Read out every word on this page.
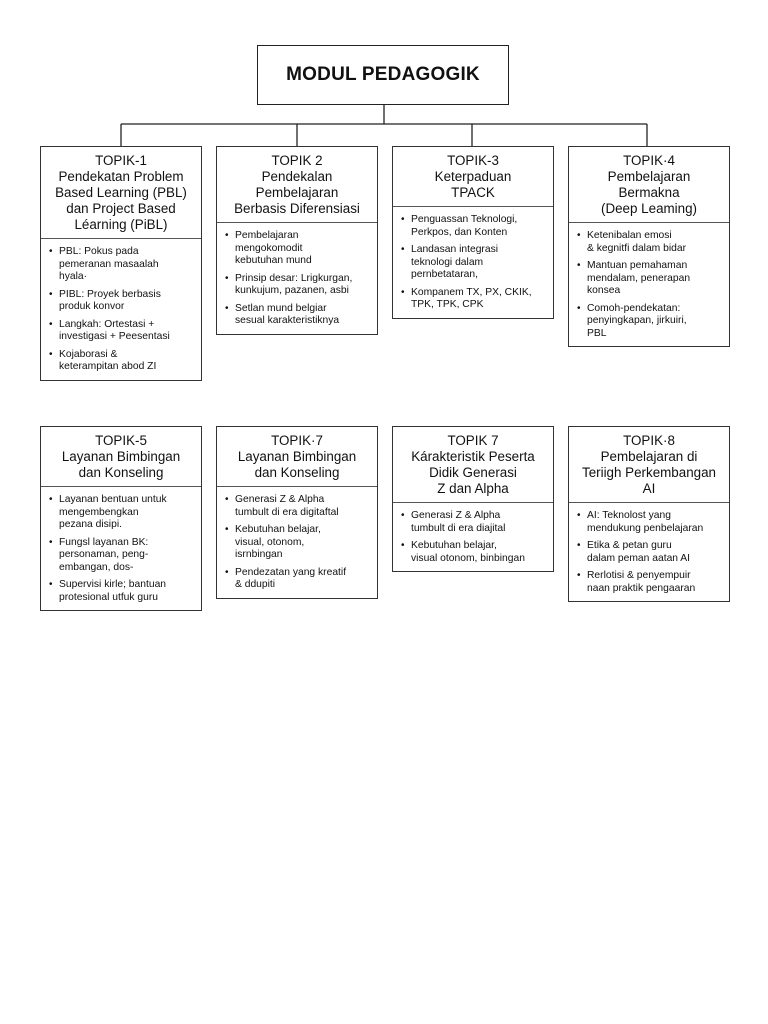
MODUL PEDAGOGIK
TOPIK-1
Pendekatan Problem
Based Learning (PBL)
dan Project Based
Léarning (PiBL)
• PBL: Pokus pada
pemeranan masaalah
hyala·
• PIBL: Proyek berbasis
produk konvor
• Langkah: Ortestasi +
investigasi + Peesentasi
• Kojaborasi &
keterampitan abod ZI
TOPIK 2
Pendekalan
Pembelajaran
Berbasis Diferensiasi
• Pembelajaran
mengokomodit
kebutuhan mund
• Prinsip desar: Lrigkurgan,
kunkujum, pazanen, asbi
• Setlan mund belgiar
sesual karakteristiknya
TOPIK-3
Keterpaduan
TPACK
• Penguassan Teknologi,
Perkpos, dan Konten
• Landasan integrasi
teknologi dalam
pernbetataran,
• Kompanem TX, PX, CKIK,
TPK, TPK, CPK
TOPIK·4
Pembelajaran
Bermakna
(Deep Leaming)
• Ketenibalan emosi
& kegnitfi dalam bidar
• Mantuan pemahaman
mendalam, penerapan
konsea
• Comoh-pendekatan:
penyingkapan, jirkuiri,
PBL
TOPIK-5
Layanan Bimbingan
dan Konseling
• Layanan bentuan untuk
mengembengkan
pezana disipi.
• Fungsl layanan BK:
personaman, peng-
embangan, dos-
• Supervisi kirle; bantuan
protesional utfuk guru
TOPIK·7
Layanan Bimbingan
dan Konseling
• Generasi Z & Alpha
tumbult di era digitaftal
• Kebutuhan belajar,
visual, otonom,
isrnbingan
• Pendezatan yang kreatif
& ddupiti
TOPIK 7
Kárakteristik Peserta
Didik Generasi
Z dan Alpha
• Generasi Z & Alpha
tumbult di era diajital
• Kebutuhan belajar,
visual otonom, binbingan
TOPIK·8
Pembelajaran di
Teriigh Perkembangan
AI
• AI: Teknolost yang
mendukung penbelajaran
• Etika & petan guru
dalam peman aatan AI
• Rerlotisi & penyempuir
naan praktik pengaaran
